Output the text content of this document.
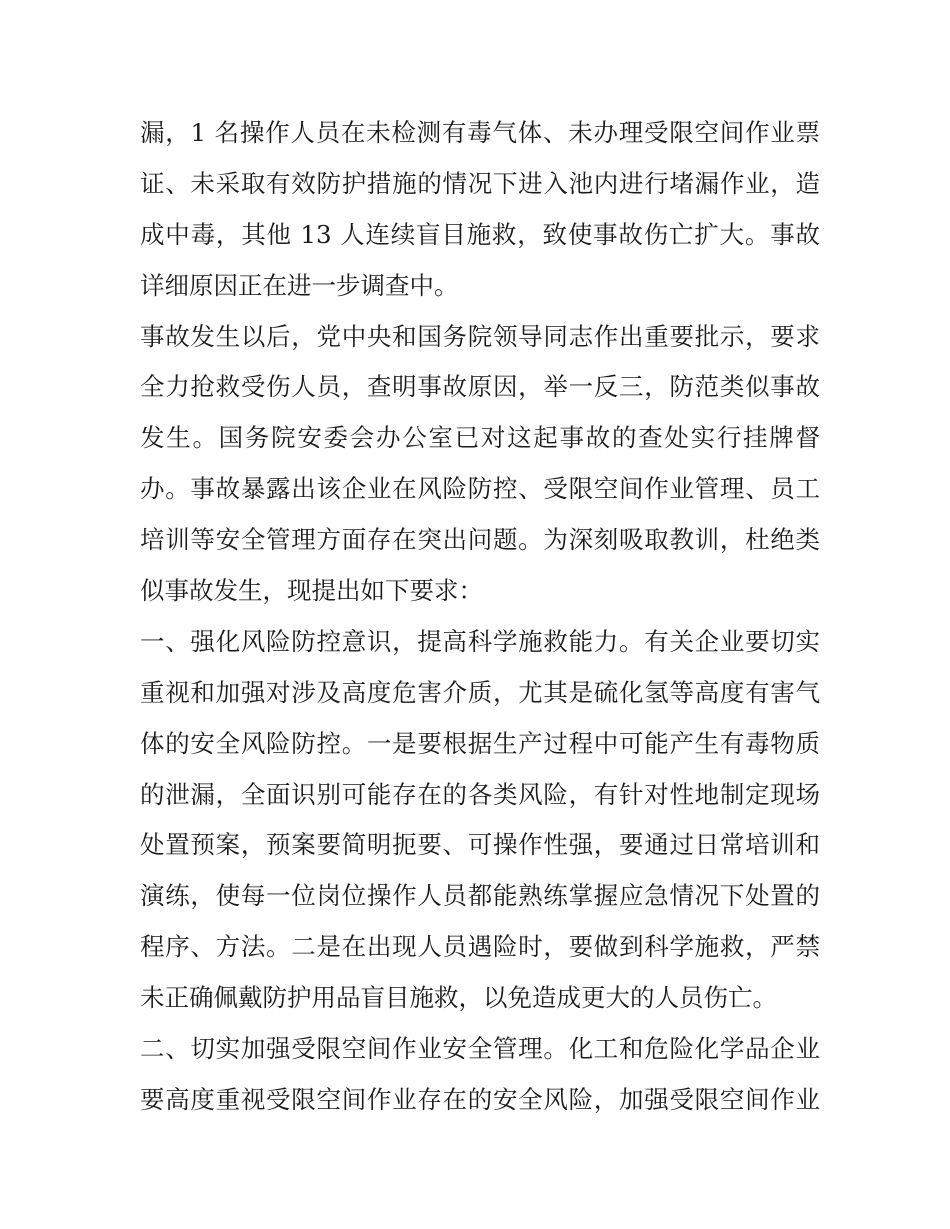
漏，1 名操作人员在未检测有毒气体、未办理受限空间作业票
证、未采取有效防护措施的情况下进入池内进行堵漏作业，造
成中毒，其他 13 人连续盲目施救，致使事故伤亡扩大。事故
详细原因正在进一步调查中。
事故发生以后，党中央和国务院领导同志作出重要批示，要求
全力抢救受伤人员，查明事故原因，举一反三，防范类似事故
发生。国务院安委会办公室已对这起事故的查处实行挂牌督
办。事故暴露出该企业在风险防控、受限空间作业管理、员工
培训等安全管理方面存在突出问题。为深刻吸取教训，杜绝类
似事故发生，现提出如下要求：
一、强化风险防控意识，提高科学施救能力。有关企业要切实
重视和加强对涉及高度危害介质，尤其是硫化氢等高度有害气
体的安全风险防控。一是要根据生产过程中可能产生有毒物质
的泄漏，全面识别可能存在的各类风险，有针对性地制定现场
处置预案，预案要简明扼要、可操作性强，要通过日常培训和
演练，使每一位岗位操作人员都能熟练掌握应急情况下处置的
程序、方法。二是在出现人员遇险时，要做到科学施救，严禁
未正确佩戴防护用品盲目施救，以免造成更大的人员伤亡。
二、切实加强受限空间作业安全管理。化工和危险化学品企业
要高度重视受限空间作业存在的安全风险，加强受限空间作业
